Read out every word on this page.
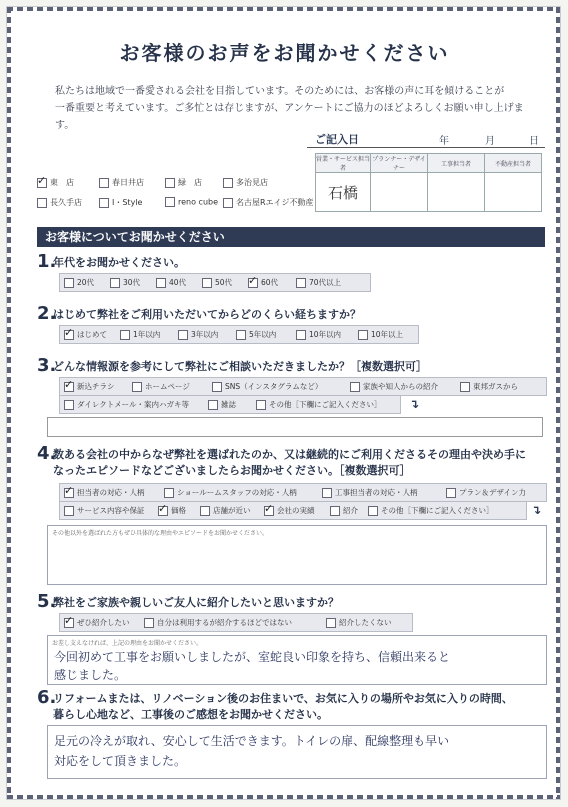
お客様のお声をお聞かせください
私たちは地域で一番愛される会社を目指しています。そのためには、お客様の声に耳を傾けることが
一番重要と考えています。ご多忙とは存じますが、アンケートにご協力のほどよろしくお願い申し上げます。
ご記入日	年	月	日
営業・サービス担当者	プランナー・デザイナー	工事担当者	不動産担当者
石橋			
✓東　店	春日井店	緑　店	多治見店
長久手店	I・Style	reno cube	名古屋Rエイジ不動産
お客様についてお聞かせください
1.
年代をお聞かせください。
20代	30代	40代	50代 ✓	60代	70代以上
2.
はじめて弊社をご利用いただいてからどのくらい経ちますか？
✓はじめて	1年以内	3年以内	5年以内	10年以内	10年以上
3.
どんな情報源を参考にして弊社にご相談いただきましたか？［複数選択可］
✓新込チラシ	ホームページ	SNS（インスタグラムなど）	家族や知人からの紹介	東邦ガスから
ダイレクトメール・案内ハガキ等	雑誌	その他［下欄にご記入ください］ ↴
4.
数ある会社の中からなぜ弊社を選ばれたのか、又は継続的にご利用くださるその理由や決め手に
なったエピソードなどございましたらお聞かせください。［複数選択可］
✓担当者の対応・人柄	ショールームスタッフの対応・人柄	工事担当者の対応・人柄	プラン＆デザイン力
サービス内容や保証 ✓	価格	店舗が近い ✓	会社の実績	紹介	その他［下欄にご記入ください］	↴
その他以外を選ばれた方もぜひ具体的な理由やエピソードをお聞かせください。
5.
弊社をご家族や親しいご友人に紹介したいと思いますか？
✓ぜひ紹介したい	自分は利用するが紹介するほどではない	紹介したくない
お差し支えなければ、上記の理由をお聞かせください。
今回初めて工事をお願いしましたが、室蛇良い印象を持ち、信頼出来ると
感じました。
6.
リフォームまたは、リノベーション後のお住まいで、お気に入りの場所やお気に入りの時間、
暮らし心地など、工事後のご感想をお聞かせください。
足元の冷えが取れ、安心して生活できます。トイレの扉、配線整理も早い
対応をして頂きました。
